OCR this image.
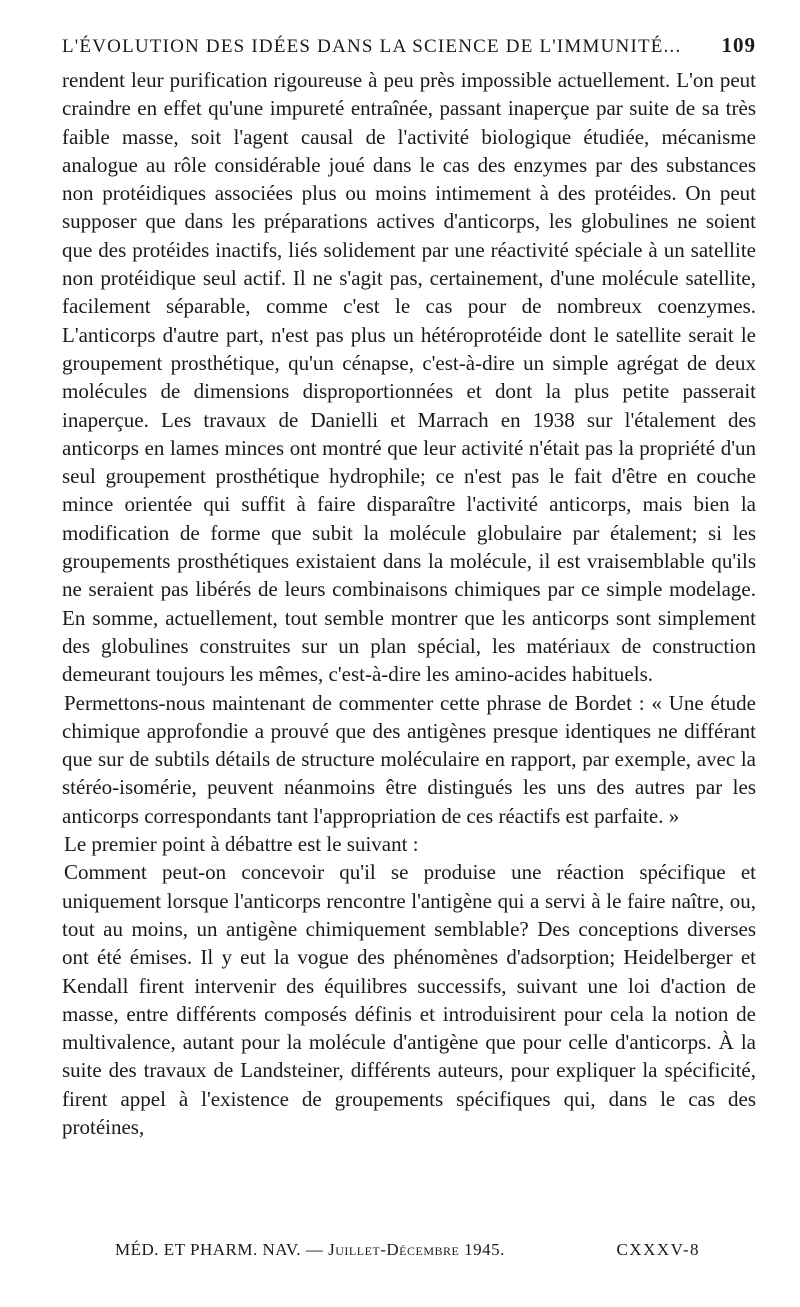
L'ÉVOLUTION DES IDÉES DANS LA SCIENCE DE L'IMMUNITÉ... 109

rendent leur purification rigoureuse à peu près impossible actuellement. L'on peut craindre en effet qu'une impureté entraînée, passant inaperçue par suite de sa très faible masse, soit l'agent causal de l'activité biologique étudiée, mécanisme analogue au rôle considérable joué dans le cas des enzymes par des substances non protéidiques associées plus ou moins intimement à des protéides. On peut supposer que dans les préparations actives d'anticorps, les globulines ne soient que des protéides inactifs, liés solidement par une réactivité spéciale à un satellite non protéidique seul actif. Il ne s'agit pas, certainement, d'une molécule satellite, facilement séparable, comme c'est le cas pour de nombreux coenzymes. L'anticorps d'autre part, n'est pas plus un hétéroprotéide dont le satellite serait le groupement prosthétique, qu'un cénapse, c'est-à-dire un simple agrégat de deux molécules de dimensions disproportionnées et dont la plus petite passerait inaperçue. Les travaux de Danielli et Marrach en 1938 sur l'étalement des anticorps en lames minces ont montré que leur activité n'était pas la propriété d'un seul groupement prosthétique hydrophile; ce n'est pas le fait d'être en couche mince orientée qui suffit à faire disparaître l'activité anticorps, mais bien la modification de forme que subit la molécule globulaire par étalement; si les groupements prosthétiques existaient dans la molécule, il est vraisemblable qu'ils ne seraient pas libérés de leurs combinaisons chimiques par ce simple modelage. En somme, actuellement, tout semble montrer que les anticorps sont simplement des globulines construites sur un plan spécial, les matériaux de construction demeurant toujours les mêmes, c'est-à-dire les amino-acides habituels.

Permettons-nous maintenant de commenter cette phrase de Bordet : « Une étude chimique approfondie a prouvé que des antigènes presque identiques ne différant que sur de subtils détails de structure moléculaire en rapport, par exemple, avec la stéréo-isomérie, peuvent néanmoins être distingués les uns des autres par les anticorps correspondants tant l'appropriation de ces réactifs est parfaite. »

Le premier point à débattre est le suivant :

Comment peut-on concevoir qu'il se produise une réaction spécifique et uniquement lorsque l'anticorps rencontre l'antigène qui a servi à le faire naître, ou, tout au moins, un antigène chimiquement semblable? Des conceptions diverses ont été émises. Il y eut la vogue des phénomènes d'adsorption; Heidelberger et Kendall firent intervenir des équilibres successifs, suivant une loi d'action de masse, entre différents composés définis et introduisirent pour cela la notion de multivalence, autant pour la molécule d'antigène que pour celle d'anticorps. À la suite des travaux de Landsteiner, différents auteurs, pour expliquer la spécificité, firent appel à l'existence de groupements spécifiques qui, dans le cas des protéines,

MÉD. ET PHARM. NAV. — Juillet-Décembre 1945.	CXXXV-8
